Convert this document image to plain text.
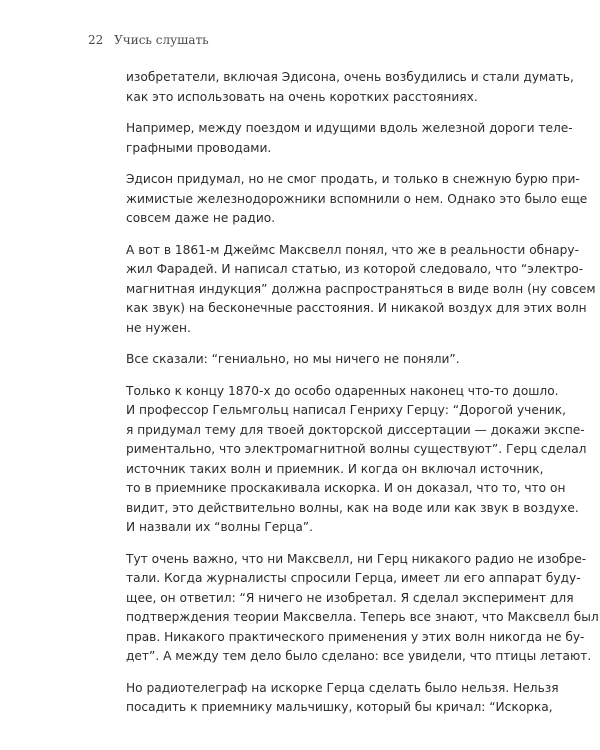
22 Учись слушать

изобретатели, включая Эдисона, очень возбудились и стали думать,
как это использовать на очень коротких расстояниях.

Например, между поездом и идущими вдоль железной дороги теле-
графными проводами.

Эдисон придумал, но не смог продать, и только в снежную бурю при-
жимистые железнодорожники вспомнили о нем. Однако это было еще
совсем даже не радио.

А вот в 1861-м Джеймс Максвелл понял, что же в реальности обнару-
жил Фарадей. И написал статью, из которой следовало, что “электро-
магнитная индукция” должна распространяться в виде волн (ну совсем
как звук) на бесконечные расстояния. И никакой воздух для этих волн
не нужен.

Все сказали: “гениально, но мы ничего не поняли”.

Только к концу 1870-х до особо одаренных наконец что-то дошло.
И профессор Гельмгольц написал Генриху Герцу: “Дорогой ученик,
я придумал тему для твоей докторской диссертации — докажи экспе-
риментально, что электромагнитной волны существуют”. Герц сделал
источник таких волн и приемник. И когда он включал источник,
то в приемнике проскакивала искорка. И он доказал, что то, что он
видит, это действительно волны, как на воде или как звук в воздухе.
И назвали их “волны Герца”.

Тут очень важно, что ни Максвелл, ни Герц никакого радио не изобре-
тали. Когда журналисты спросили Герца, имеет ли его аппарат буду-
щее, он ответил: “Я ничего не изобретал. Я сделал эксперимент для
подтверждения теории Максвелла. Теперь все знают, что Максвелл был
прав. Никакого практического применения у этих волн никогда не бу-
дет”. А между тем дело было сделано: все увидели, что птицы летают.

Но радиотелеграф на искорке Герца сделать было нельзя. Нельзя
посадить к приемнику мальчишку, который бы кричал: “Искорка,
